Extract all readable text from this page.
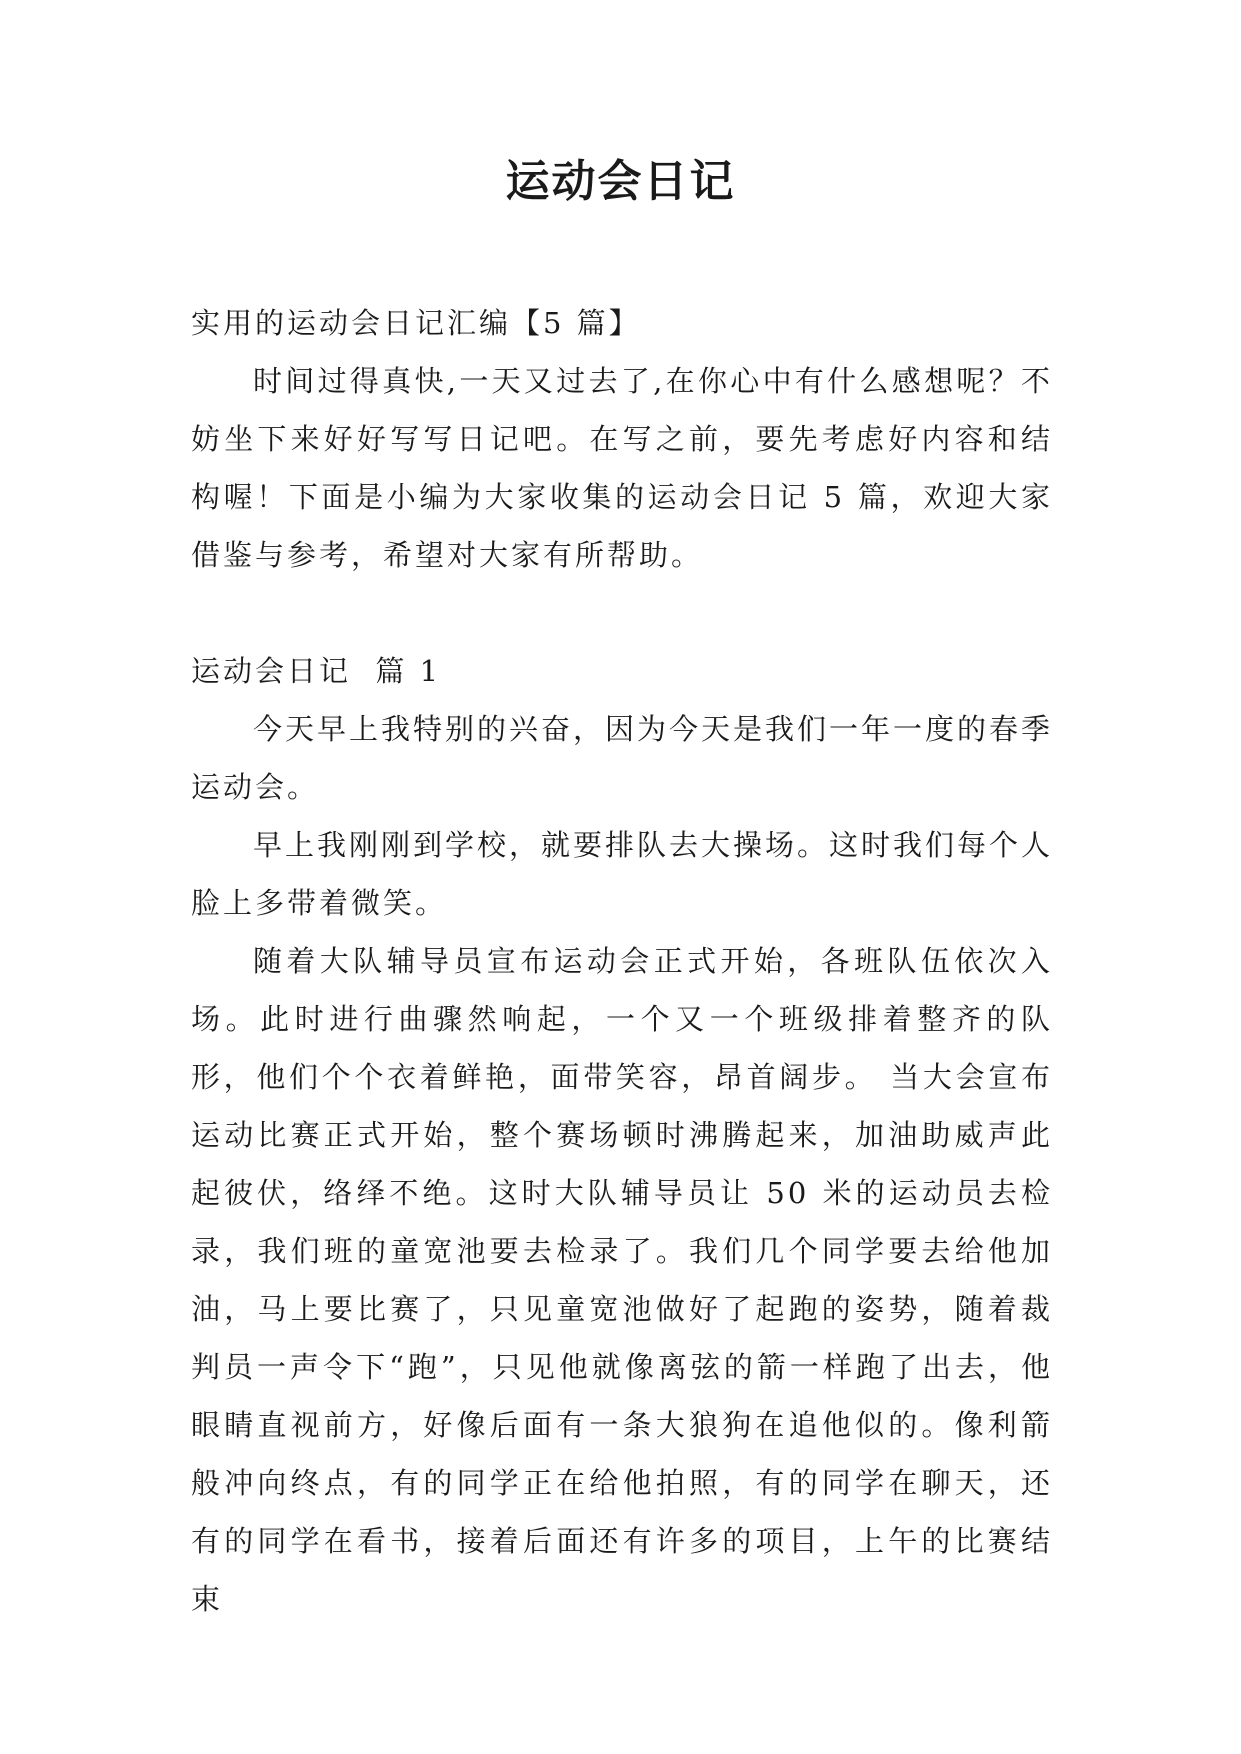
运动会日记

实用的运动会日记汇编【5 篇】

时间过得真快,一天又过去了,在你心中有什么感想呢？不妨坐下来好好写写日记吧。在写之前，要先考虑好内容和结构喔！下面是小编为大家收集的运动会日记 5 篇，欢迎大家借鉴与参考，希望对大家有所帮助。

运动会日记  篇 1

今天早上我特别的兴奋，因为今天是我们一年一度的春季运动会。

早上我刚刚到学校，就要排队去大操场。这时我们每个人脸上多带着微笑。

随着大队辅导员宣布运动会正式开始，各班队伍依次入场。此时进行曲骤然响起，一个又一个班级排着整齐的队形，他们个个衣着鲜艳，面带笑容，昂首阔步。 当大会宣布运动比赛正式开始，整个赛场顿时沸腾起来，加油助威声此起彼伏，络绎不绝。这时大队辅导员让 50 米的运动员去检录，我们班的童宽池要去检录了。我们几个同学要去给他加油，马上要比赛了，只见童宽池做好了起跑的姿势，随着裁判员一声令下“跑”，只见他就像离弦的箭一样跑了出去，他眼睛直视前方，好像后面有一条大狼狗在追他似的。像利箭般冲向终点，有的同学正在给他拍照，有的同学在聊天，还有的同学在看书，接着后面还有许多的项目，上午的比赛结束
